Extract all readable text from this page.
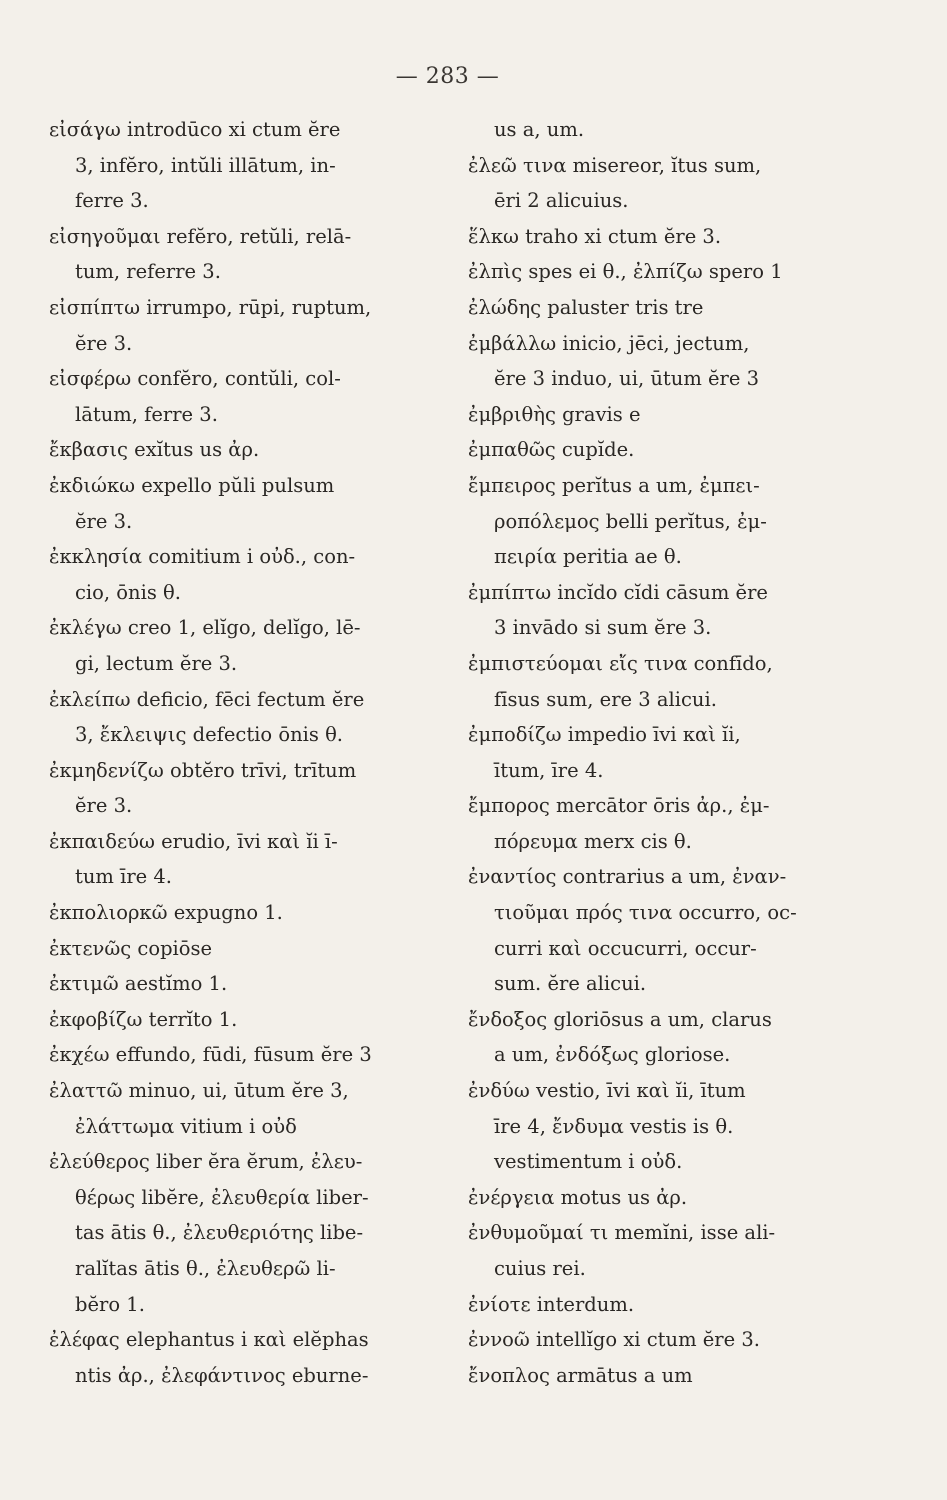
— 283 —
εἰσάγω introdūco xi ctum ĕre
3, infĕro, intŭli illātum, in-
ferre 3.
εἰσηγοῦμαι refĕro, retŭli, relā-
tum, referre 3.
εἰσπίπτω irrumpo, rūpi, ruptum,
ĕre 3.
εἰσφέρω confĕro, contŭli, col-
lātum, ferre 3.
ἔκβασις exĭtus us ἀρ.
ἐκδιώκω expello pŭli pulsum
ĕre 3.
ἐκκλησία comitium i οὐδ., con-
cio, ōnis θ.
ἐκλέγω creo 1, elĭgo, delĭgo, lē-
gi, lectum ĕre 3.
ἐκλείπω deficio, fēci fectum ĕre
3, ἔκλειψις defectio ōnis θ.
ἐκμηδενίζω obtĕro trīvi, trītum
ĕre 3.
ἐκπαιδεύω erudio, īvi καὶ ĭi ī-
tum īre 4.
ἐκπολιορκῶ expugno 1.
ἐκτενῶς copiōse
ἐκτιμῶ aestĭmo 1.
ἐκφοβίζω terrĭto 1.
ἐκχέω effundo, fūdi, fūsum ĕre 3
ἐλαττῶ minuo, ui, ūtum ĕre 3,
ἐλάττωμα vitium i οὐδ
ἐλεύθερος liber ĕra ĕrum, ἐλευ-
θέρως libĕre, ἐλευθερία liber-
tas ātis θ., ἐλευθεριότης libe-
ralĭtas ātis θ., ἐλευθερῶ li-
bĕro 1.
ἐλέφας elephantus i καὶ elĕphas
ntis ἀρ., ἐλεφάντινος eburne-
us a, um.
ἐλεῶ τινα misereor, ĭtus sum,
ēri 2 alicuius.
ἕλκω traho xi ctum ĕre 3.
ἐλπὶς spes ei θ., ἐλπίζω spero 1
ἐλώδης paluster tris tre
ἐμβάλλω inicio, jēci, jectum,
ĕre 3 induo, ui, ūtum ĕre 3
ἐμβριθὴς gravis e
ἐμπαθῶς cupĭde.
ἔμπειρος perĭtus a um, ἐμπει-
ροπόλεμος belli perĭtus, ἐμ-
πειρία peritia ae θ.
ἐμπίπτω incĭdo cĭdi cāsum ĕre
3 invādo si sum ĕre 3.
ἐμπιστεύομαι εἴς τινα confīdo,
fīsus sum, ere 3 alicui.
ἐμποδίζω impedio īvi καὶ ĭi,
ītum, īre 4.
ἔμπορος mercātor ōris ἀρ., ἐμ-
πόρευμα merx cis θ.
ἐναντίος contrarius a um, ἐναν-
τιοῦμαι πρός τινα occurro, oc-
curri καὶ occucurri, occur-
sum. ĕre alicui.
ἔνδοξος gloriōsus a um, clarus
a um, ἐνδόξως gloriose.
ἐνδύω vestio, īvi καὶ ĭi, ītum
īre 4, ἔνδυμα vestis is θ.
vestimentum i οὐδ.
ἐνέργεια motus us ἀρ.
ἐνθυμοῦμαί τι memĭni, isse ali-
cuius rei.
ἐνίοτε interdum.
ἐννοῶ intellĭgo xi ctum ĕre 3.
ἔνοπλος armātus a um
